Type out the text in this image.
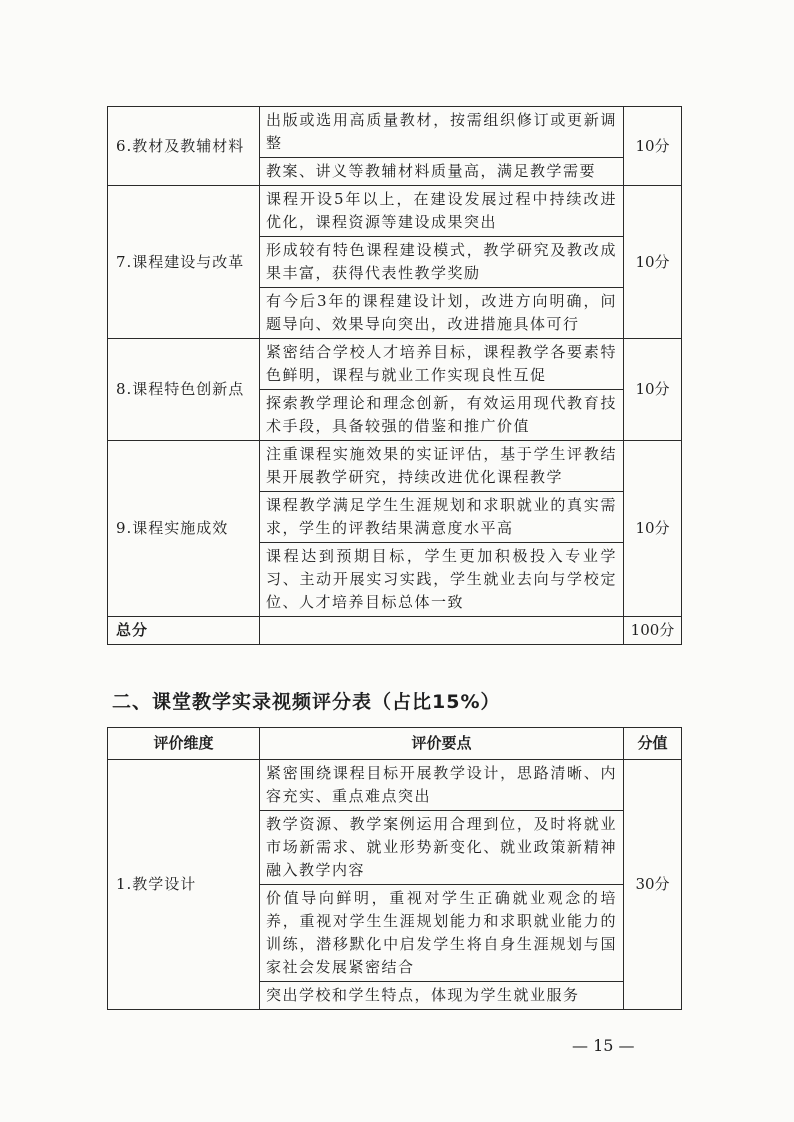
6.教材及教辅材料	出版或选用高质量教材，按需组织修订或更新调整	10分
	教案、讲义等教辅材料质量高，满足教学需要	
7.课程建设与改革	课程开设5年以上，在建设发展过程中持续改进优化，课程资源等建设成果突出	10分
	形成较有特色课程建设模式，教学研究及教改成果丰富，获得代表性教学奖励	
	有今后3年的课程建设计划，改进方向明确，问题导向、效果导向突出，改进措施具体可行	
8.课程特色创新点	紧密结合学校人才培养目标，课程教学各要素特色鲜明，课程与就业工作实现良性互促	10分
	探索教学理论和理念创新，有效运用现代教育技术手段，具备较强的借鉴和推广价值	
9.课程实施成效	注重课程实施效果的实证评估，基于学生评教结果开展教学研究，持续改进优化课程教学	10分
	课程教学满足学生生涯规划和求职就业的真实需求，学生的评教结果满意度水平高	
	课程达到预期目标，学生更加积极投入专业学习、主动开展实习实践，学生就业去向与学校定位、人才培养目标总体一致	
总分		100分
二、课堂教学实录视频评分表（占比15%）
评价维度	评价要点	分值
1.教学设计	紧密围绕课程目标开展教学设计，思路清晰、内容充实、重点难点突出	30分
	教学资源、教学案例运用合理到位，及时将就业市场新需求、就业形势新变化、就业政策新精神融入教学内容	
	价值导向鲜明，重视对学生正确就业观念的培养，重视对学生生涯规划能力和求职就业能力的训练，潜移默化中启发学生将自身生涯规划与国家社会发展紧密结合	
	突出学校和学生特点，体现为学生就业服务	
— 15 —
